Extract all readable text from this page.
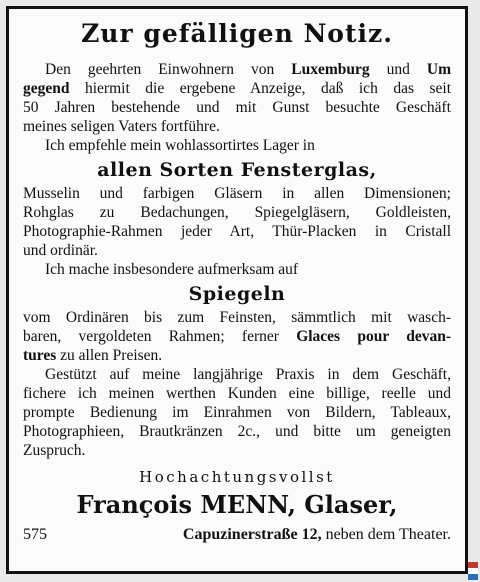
Zur gefälligen Notiz.
Den geehrten Einwohnern von Luxemburg und Um
gegend hiermit die ergebene Anzeige, daß ich das seit
50 Jahren bestehende und mit Gunst besuchte Geschäft
meines seligen Vaters fortführe.
Ich empfehle mein wohlassortirtes Lager in
allen Sorten Fensterglas,
Musselin und farbigen Gläsern in allen Dimensionen;
Rohglas zu Bedachungen, Spiegelgläsern, Goldleisten,
Photographie-Rahmen jeder Art, Thür-Placken in Cristall
und ordinär.
Ich mache insbesondere aufmerksam auf
Spiegeln
vom Ordinären bis zum Feinsten, sämmtlich mit wasch-
baren, vergoldeten Rahmen; ferner Glaces pour devan-
tures zu allen Preisen.
Gestützt auf meine langjährige Praxis in dem Geschäft,
fichere ich meinen werthen Kunden eine billige, reelle und
prompte Bedienung im Einrahmen von Bildern, Tableaux,
Photographieen, Brautkränzen 2c., und bitte um geneigten
Zuspruch.
Hochachtungsvollst
François MENN, Glaser,
575	Capuzinerstraße 12, neben dem Theater.
